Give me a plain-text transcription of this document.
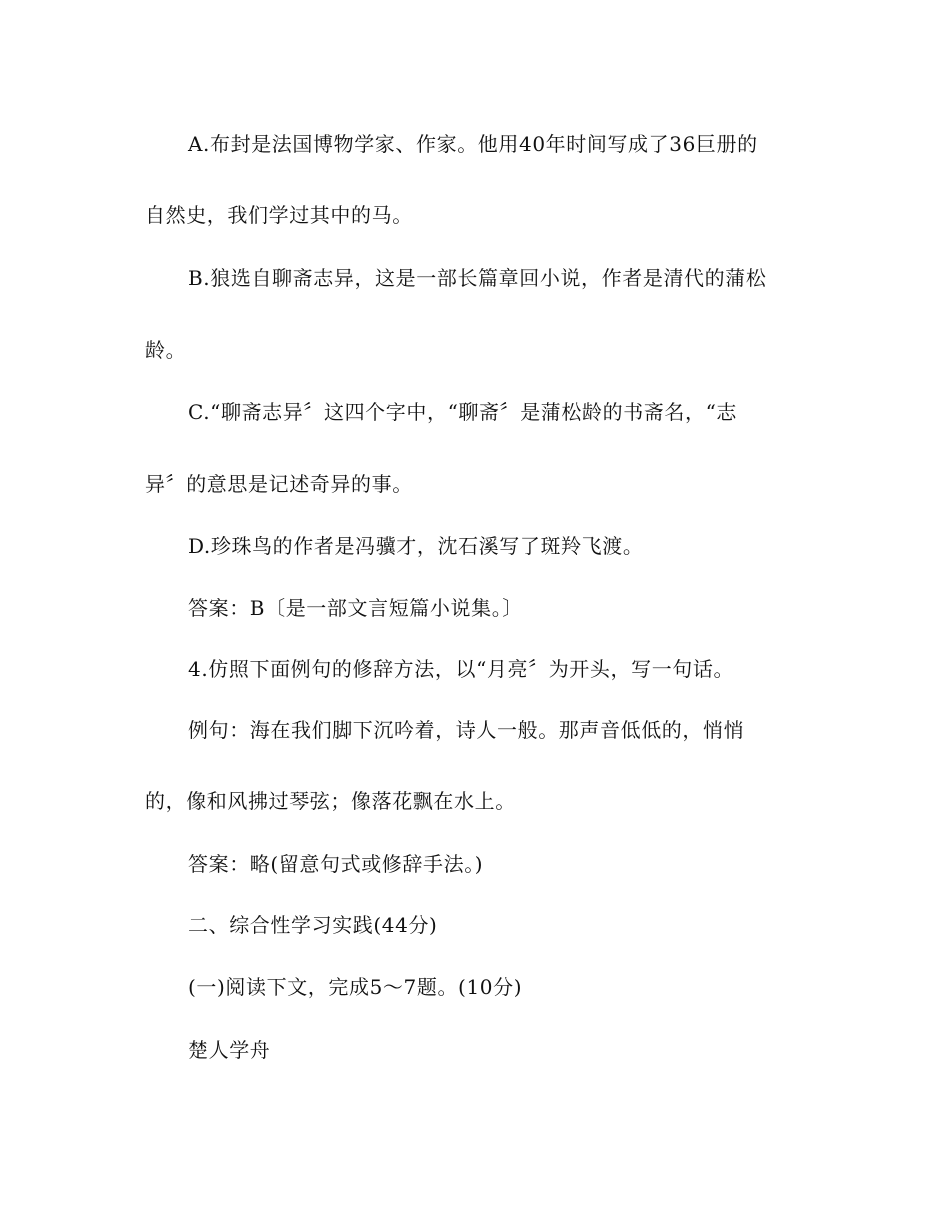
A.布封是法国博物学家、作家。他用40年时间写成了36巨册的

自然史，我们学过其中的马。

B.狼选自聊斋志异，这是一部长篇章回小说，作者是清代的蒲松

龄。

C.“聊斋志异〞这四个字中，“聊斋〞是蒲松龄的书斋名，“志

异〞的意思是记述奇异的事。

D.珍珠鸟的作者是冯骥才，沈石溪写了斑羚飞渡。

答案：B〔是一部文言短篇小说集。〕

4.仿照下面例句的修辞方法，以“月亮〞为开头，写一句话。

例句：海在我们脚下沉吟着，诗人一般。那声音低低的，悄悄

的，像和风拂过琴弦；像落花飘在水上。

答案：略(留意句式或修辞手法。)

二、综合性学习实践(44分)

(一)阅读下文，完成5～7题。(10分)

楚人学舟
